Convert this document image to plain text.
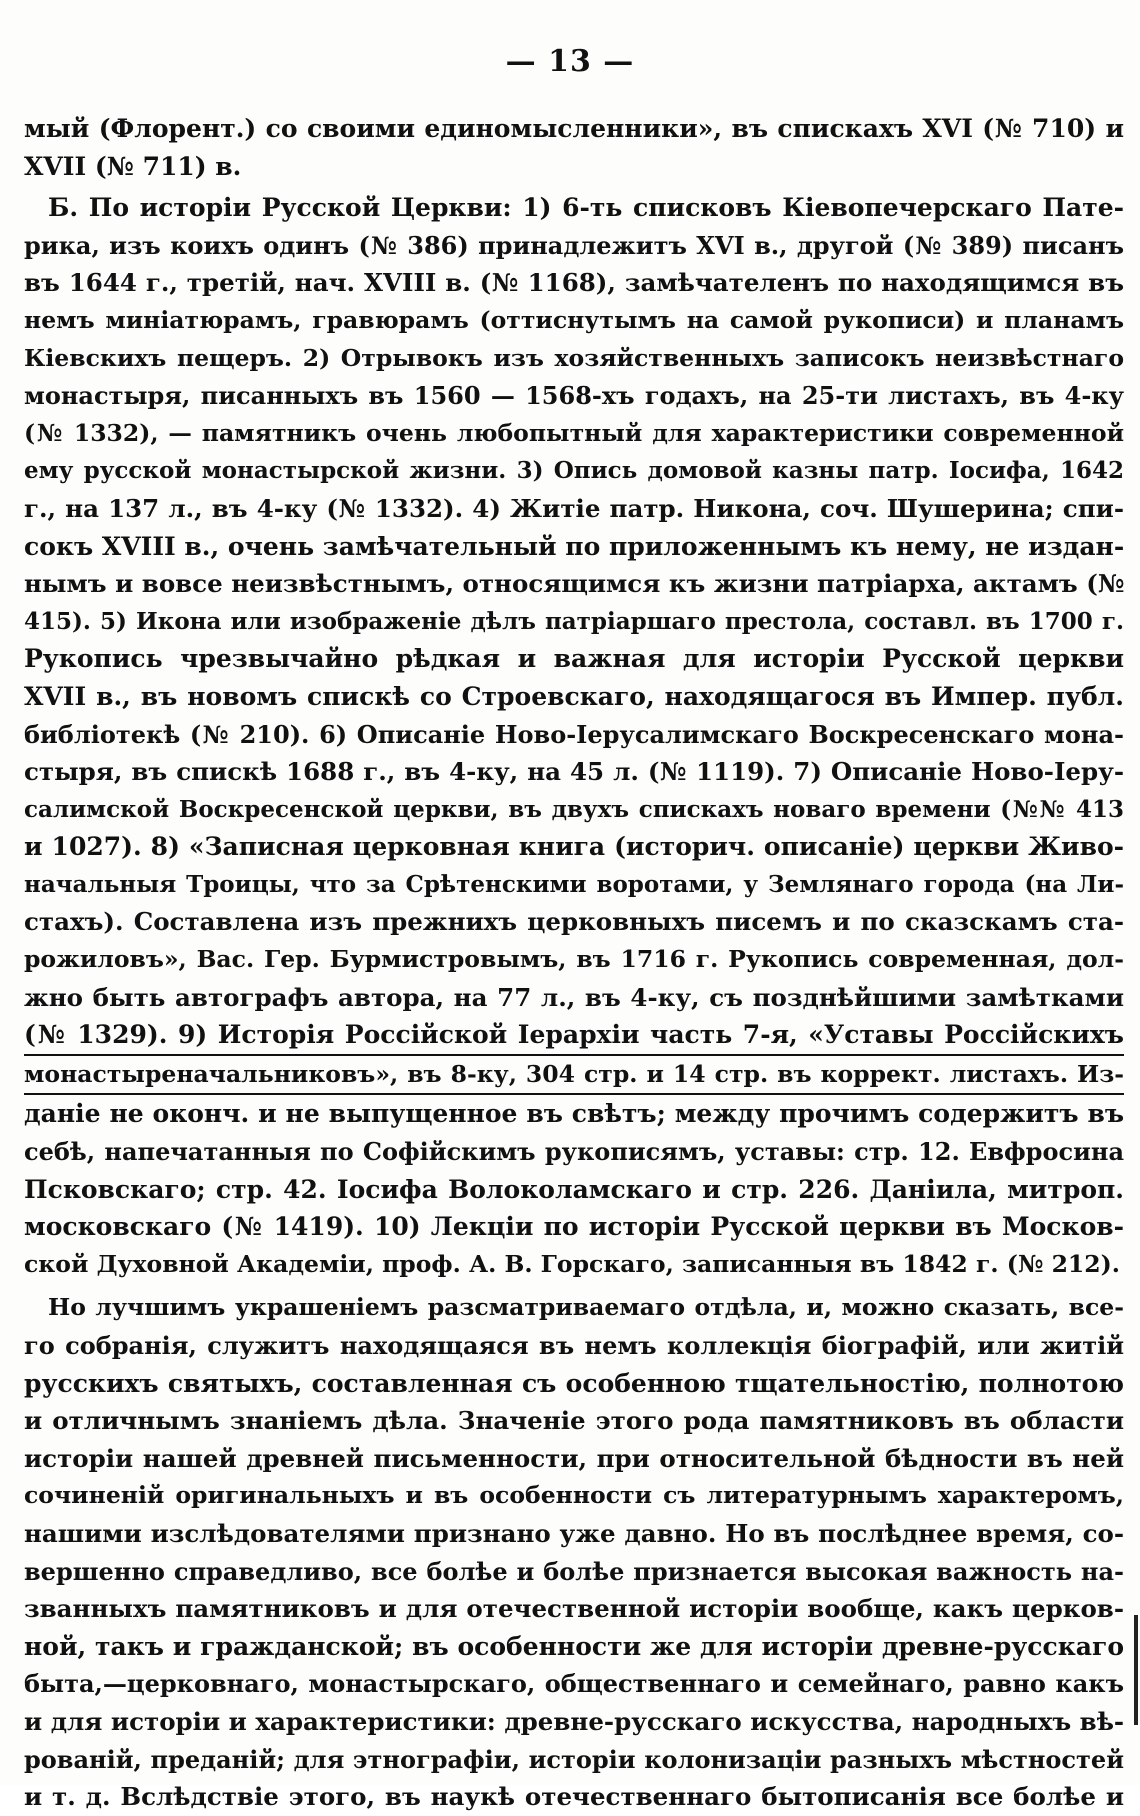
— 13 —
мый (Флорент.) со своими единомысленники», въ спискахъ XVI (№ 710) и
XVII (№ 711) в.
Б. По исторіи Русской Церкви: 1) 6-ть списковъ Кіевопечерскаго Пате-
рика, изъ коихъ одинъ (№ 386) принадлежитъ XVI в., другой (№ 389) писанъ
въ 1644 г., третій, нач. XVIII в. (№ 1168), замѣчателенъ по находящимся въ
немъ миніатюрамъ, гравюрамъ (оттиснутымъ на самой рукописи) и планамъ
Кіевскихъ пещеръ. 2) Отрывокъ изъ хозяйственныхъ записокъ неизвѣстнаго
монастыря, писанныхъ въ 1560 — 1568-хъ годахъ, на 25-ти листахъ, въ 4-ку
(№ 1332), — памятникъ очень любопытный для характеристики современной
ему русской монастырской жизни. 3) Опись домовой казны патр. Іосифа, 1642
г., на 137 л., въ 4-ку (№ 1332). 4) Житіе патр. Никона, соч. Шушерина; спи-
сокъ XVIII в., очень замѣчательный по приложеннымъ къ нему, не издан-
нымъ и вовсе неизвѣстнымъ, относящимся къ жизни патріарха, актамъ (№
415). 5) Икона или изображеніе дѣлъ патріаршаго престола, составл. въ 1700 г.
Рукопись чрезвычайно рѣдкая и важная для исторіи Русской церкви
XVII в., въ новомъ спискѣ со Строевскаго, находящагося въ Импер. публ.
библіотекѣ (№ 210). 6) Описаніе Ново-Іерусалимскаго Воскресенскаго мона-
стыря, въ спискѣ 1688 г., въ 4-ку, на 45 л. (№ 1119). 7) Описаніе Ново-Іеру-
салимской Воскресенской церкви, въ двухъ спискахъ новаго времени (№№ 413
и 1027). 8) «Записная церковная книга (историч. описаніе) церкви Живо-
начальныя Троицы, что за Срѣтенскими воротами, у Землянаго города (на Ли-
стахъ). Составлена изъ прежнихъ церковныхъ писемъ и по сказскамъ ста-
рожиловъ», Вас. Гер. Бурмистровымъ, въ 1716 г. Рукопись современная, дол-
жно быть автографъ автора, на 77 л., въ 4-ку, съ позднѣйшими замѣтками
(№ 1329). 9) Исторія Россійской Іерархіи часть 7-я, «Уставы Россійскихъ
монастыреначальниковъ», въ 8-ку, 304 стр. и 14 стр. въ коррект. листахъ. Из-
даніе не оконч. и не выпущенное въ свѣтъ; между прочимъ содержитъ въ
себѣ, напечатанныя по Софійскимъ рукописямъ, уставы: стр. 12. Евфросина
Псковскаго; стр. 42. Іосифа Волоколамскаго и стр. 226. Даніила, митроп.
московскаго (№ 1419). 10) Лекціи по исторіи Русской церкви въ Москов-
ской Духовной Академіи, проф. А. В. Горскаго, записанныя въ 1842 г. (№ 212).
Но лучшимъ украшеніемъ разсматриваемаго отдѣла, и, можно сказать, все-
го собранія, служитъ находящаяся въ немъ коллекція біографій, или житій
русскихъ святыхъ, составленная съ особенною тщательностію, полнотою
и отличнымъ знаніемъ дѣла. Значеніе этого рода памятниковъ въ области
исторіи нашей древней письменности, при относительной бѣдности въ ней
сочиненій оригинальныхъ и въ особенности съ литературнымъ характеромъ,
нашими изслѣдователями признано уже давно. Но въ послѣднее время, со-
вершенно справедливо, все болѣе и болѣе признается высокая важность на-
званныхъ памятниковъ и для отечественной исторіи вообще, какъ церков-
ной, такъ и гражданской; въ особенности же для исторіи древне-русскаго
быта,—церковнаго, монастырскаго, общественнаго и семейнаго, равно какъ
и для исторіи и характеристики: древне-русскаго искусства, народныхъ вѣ-
рованій, преданій; для этнографіи, исторіи колонизаціи разныхъ мѣстностей
и т. д. Вслѣдствіе этого, въ наукѣ отечественнаго бытописанія все болѣе и
